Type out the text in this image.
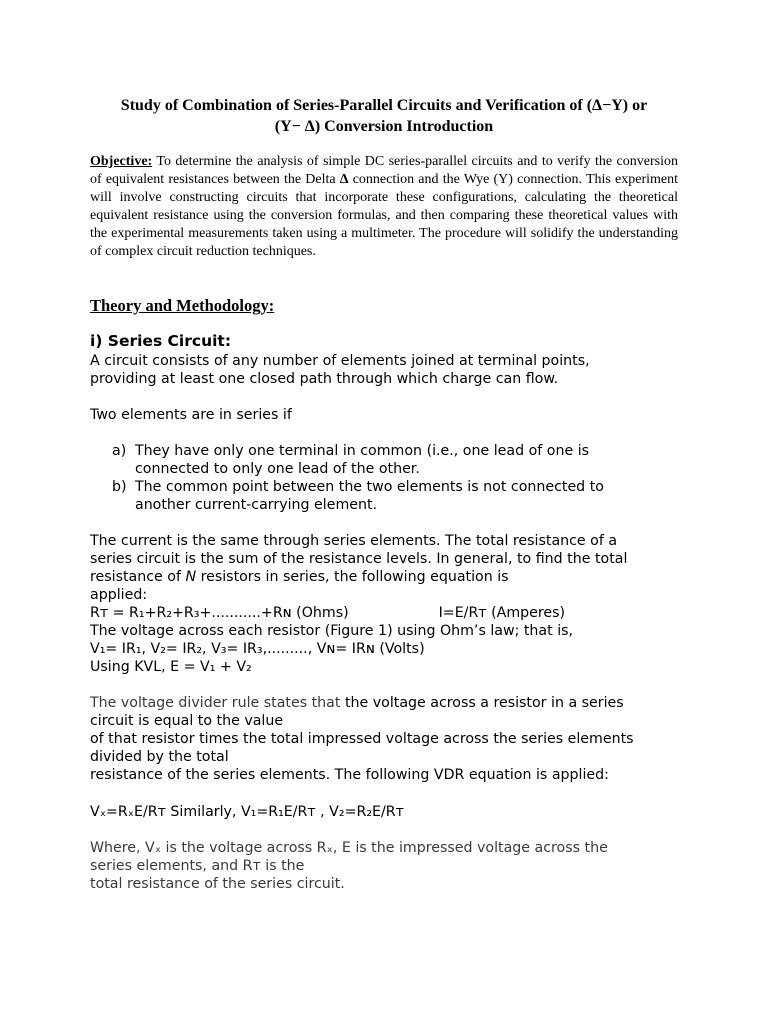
Study of Combination of Series-Parallel Circuits and Verification of (Δ−Y) or
(Y− Δ) Conversion Introduction
Objective: To determine the analysis of simple DC series-parallel circuits and to verify the conversion of equivalent resistances between the Delta Δ connection and the Wye (Y) connection. This experiment will involve constructing circuits that incorporate these configurations, calculating the theoretical equivalent resistance using the conversion formulas, and then comparing these theoretical values with the experimental measurements taken using a multimeter. The procedure will solidify the understanding of complex circuit reduction techniques.
Theory and Methodology:
i) Series Circuit:
A circuit consists of any number of elements joined at terminal points,
providing at least one closed path through which charge can flow.
Two elements are in series if
a) They have only one terminal in common (i.e., one lead of one is
connected to only one lead of the other.
b) The common point between the two elements is not connected to
another current-carrying element.
The current is the same through series elements. The total resistance of a
series circuit is the sum of the resistance levels. In general, to find the total
resistance of N resistors in series, the following equation is
applied:
Rᴛ = R₁+R₂+R₃+...........+Rɴ (Ohms)	I=E/Rᴛ (Amperes)
The voltage across each resistor (Figure 1) using Ohm’s law; that is,
V₁= IR₁, V₂= IR₂, V₃= IR₃,........., Vɴ= IRɴ (Volts)
Using KVL, E = V₁ + V₂
The voltage divider rule states that the voltage across a resistor in a series
circuit is equal to the value
of that resistor times the total impressed voltage across the series elements
divided by the total
resistance of the series elements. The following VDR equation is applied:
Vₓ=RₓE/Rᴛ Similarly, V₁=R₁E/Rᴛ , V₂=R₂E/Rᴛ
Where, Vₓ is the voltage across Rₓ, E is the impressed voltage across the
series elements, and Rᴛ is the
total resistance of the series circuit.
